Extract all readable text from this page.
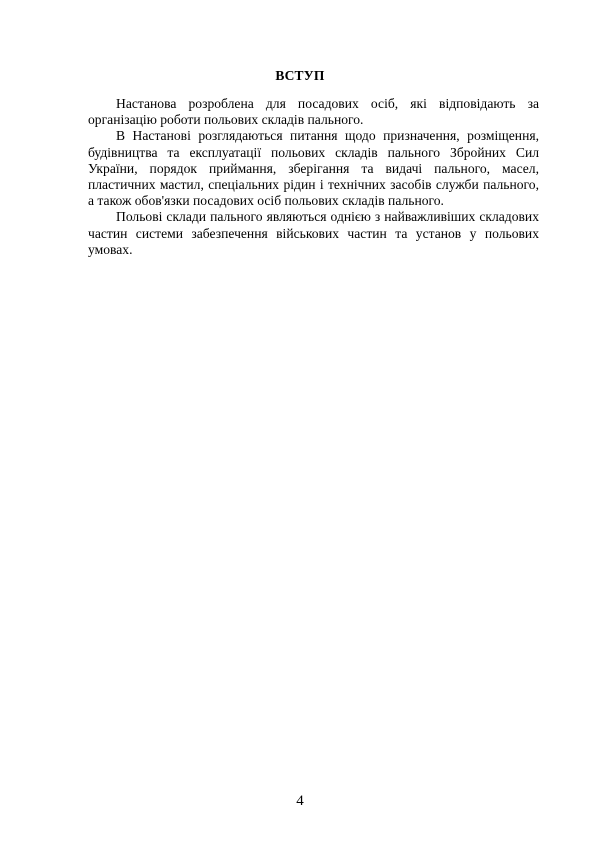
ВСТУП

Настанова розроблена для посадових осіб, які відповідають за організацію роботи польових складів пального.

В Настанові розглядаються питання щодо призначення, розміщення, будівництва та експлуатації польових складів пального Збройних Сил України, порядок приймання, зберігання та видачі пального, масел, пластичних мастил, спеціальних рідин і технічних засобів служби пального, а також обов'язки посадових осіб польових складів пального.

Польові склади пального являються однією з найважливіших складових частин системи забезпечення військових частин та установ у польових умовах.

4
